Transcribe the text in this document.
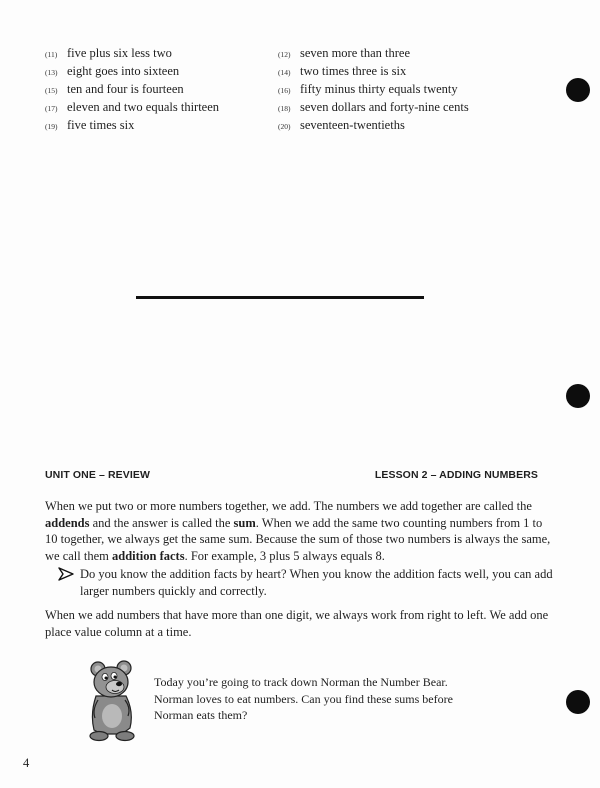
(11) five plus six less two
(13) eight goes into sixteen
(15) ten and four is fourteen
(17) eleven and two equals thirteen
(19) five times six
(12) seven more than three
(14) two times three is six
(16) fifty minus thirty equals twenty
(18) seven dollars and forty-nine cents
(20) seventeen-twentieths
UNIT ONE – REVIEW	LESSON 2 – ADDING NUMBERS

When we put two or more numbers together, we add. The numbers we add together are called the addends and the answer is called the sum. When we add the same two counting numbers from 1 to 10 together, we always get the same sum. Because the sum of those two numbers is always the same, we call them addition facts. For example, 3 plus 5 always equals 8.

Do you know the addition facts by heart? When you know the addition facts well, you can add larger numbers quickly and correctly.

When we add numbers that have more than one digit, we always work from right to left. We add one place value column at a time.

Today you’re going to track down Norman the Number Bear. Norman loves to eat numbers. Can you find these sums before Norman eats them?

4
